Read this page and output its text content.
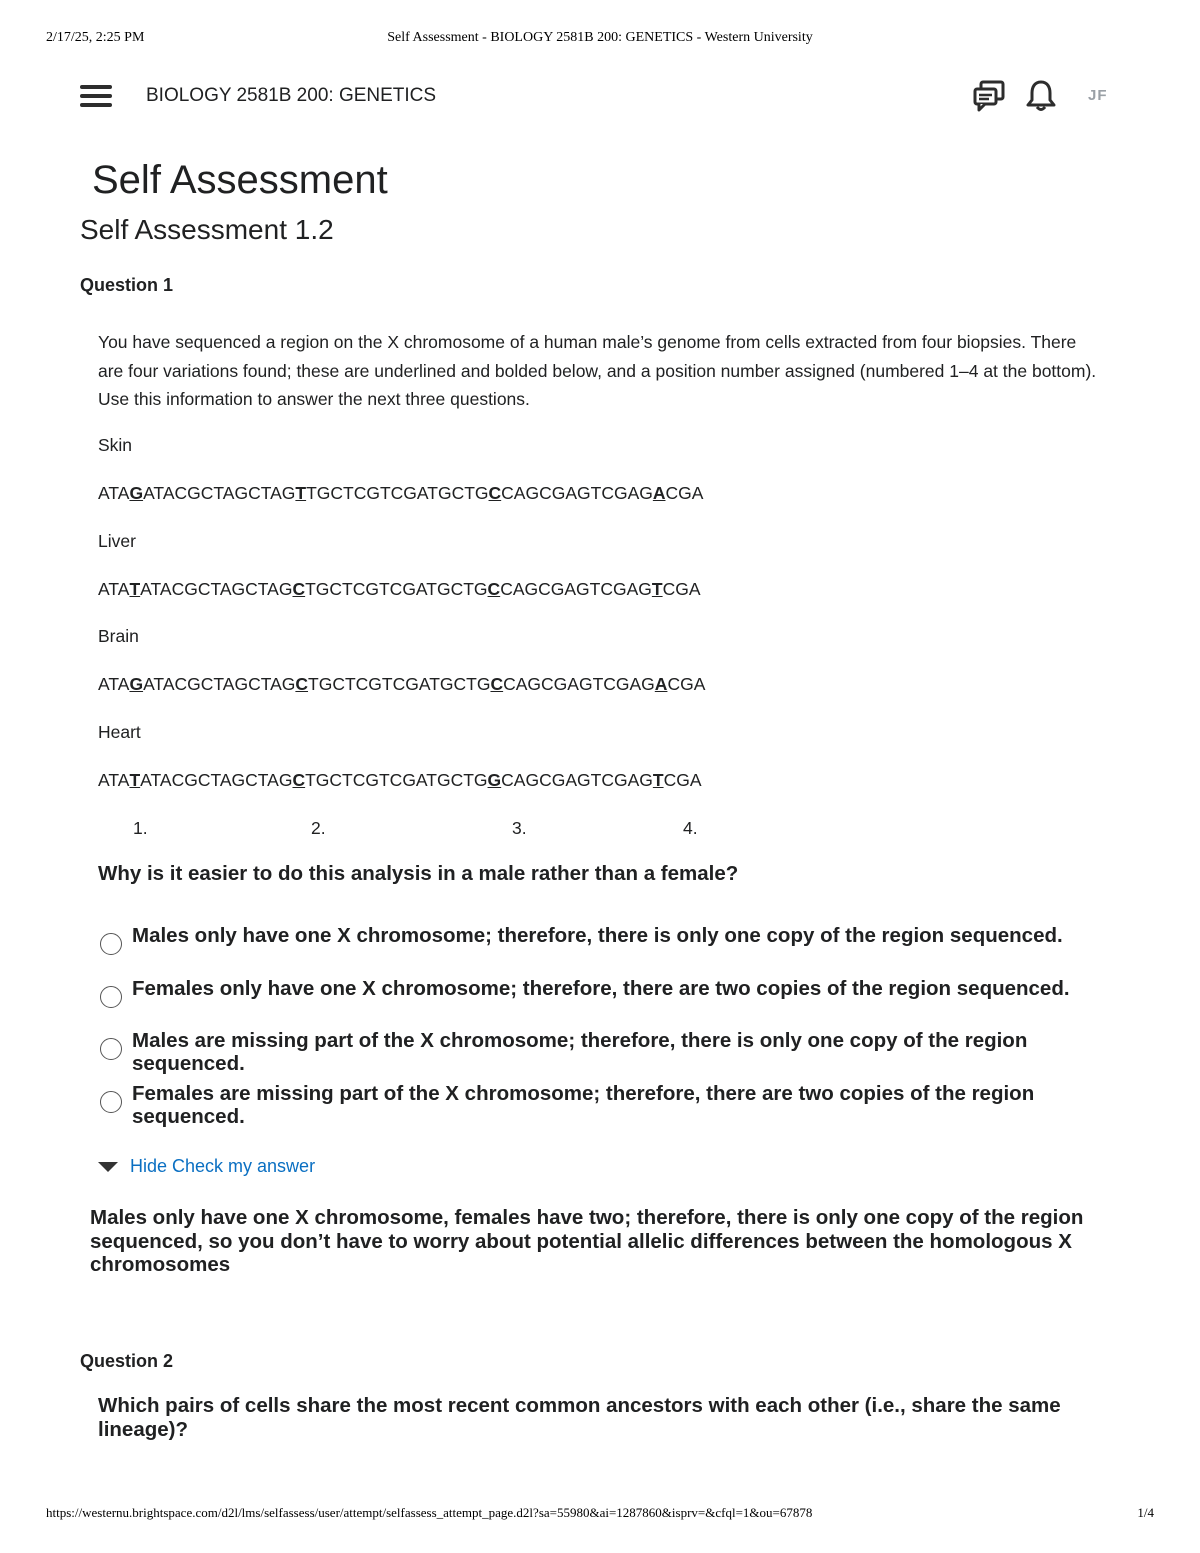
2/17/25, 2:25 PM	Self Assessment - BIOLOGY 2581B 200: GENETICS - Western University
BIOLOGY 2581B 200: GENETICS	JF
Self Assessment
Self Assessment 1.2
Question 1
You have sequenced a region on the X chromosome of a human male’s genome from cells extracted from four biopsies. There are four variations found; these are underlined and bolded below, and a position number assigned (numbered 1–4 at the bottom). Use this information to answer the next three questions.
Skin
ATAGATACGCTAGCTAGTTGCTCGTCGATGCTGCCAGCGAGTCGAGACGA
Liver
ATATATACGCTAGCTAGCTGCTCGTCGATGCTGCCAGCGAGTCGAGTCGA
Brain
ATAGATACGCTAGCTAGCTGCTCGTCGATGCTGCCAGCGAGTCGAGACGA
Heart
ATATATACGCTAGCTAGCTGCTCGTCGATGCTGGCAGCGAGTCGAGTCGA
1.	2.	3.	4.
Why is it easier to do this analysis in a male rather than a female?
Males only have one X chromosome; therefore, there is only one copy of the region sequenced.
Females only have one X chromosome; therefore, there are two copies of the region sequenced.
Males are missing part of the X chromosome; therefore, there is only one copy of the region sequenced.
Females are missing part of the X chromosome; therefore, there are two copies of the region sequenced.
Hide Check my answer
Males only have one X chromosome, females have two; therefore, there is only one copy of the region sequenced, so you don’t have to worry about potential allelic differences between the homologous X chromosomes
Question 2
Which pairs of cells share the most recent common ancestors with each other (i.e., share the same lineage)?
https://westernu.brightspace.com/d2l/lms/selfassess/user/attempt/selfassess_attempt_page.d2l?sa=55980&ai=1287860&isprv=&cfql=1&ou=67878	1/4
